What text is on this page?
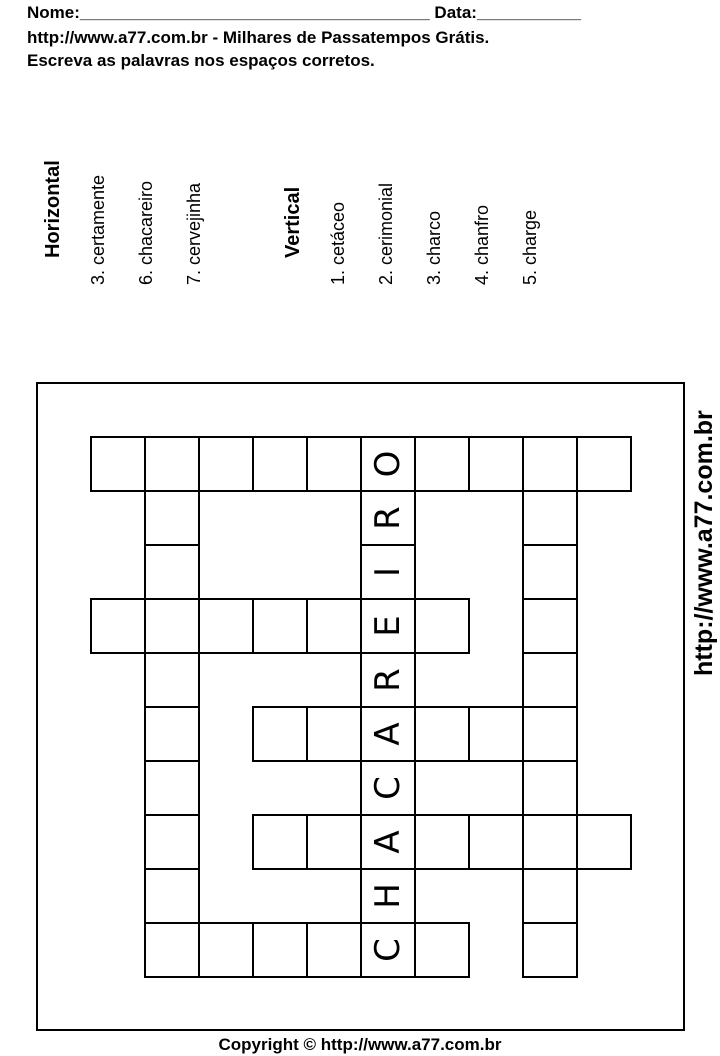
Nome:_____________________________________ Data:___________
http://www.a77.com.br - Milhares de Passatempos Grátis.
Escreva as palavras nos espaços corretos.
Horizontal 3. certamente 6. chacareiro 7. cervejinha	Vertical 1. cetáceo 2. cerimonial 3. charco 4. chanfro 5. charge
O
R
I
E
R
A
C
A
H
C
http://www.a77.com.br
Copyright © http://www.a77.com.br
